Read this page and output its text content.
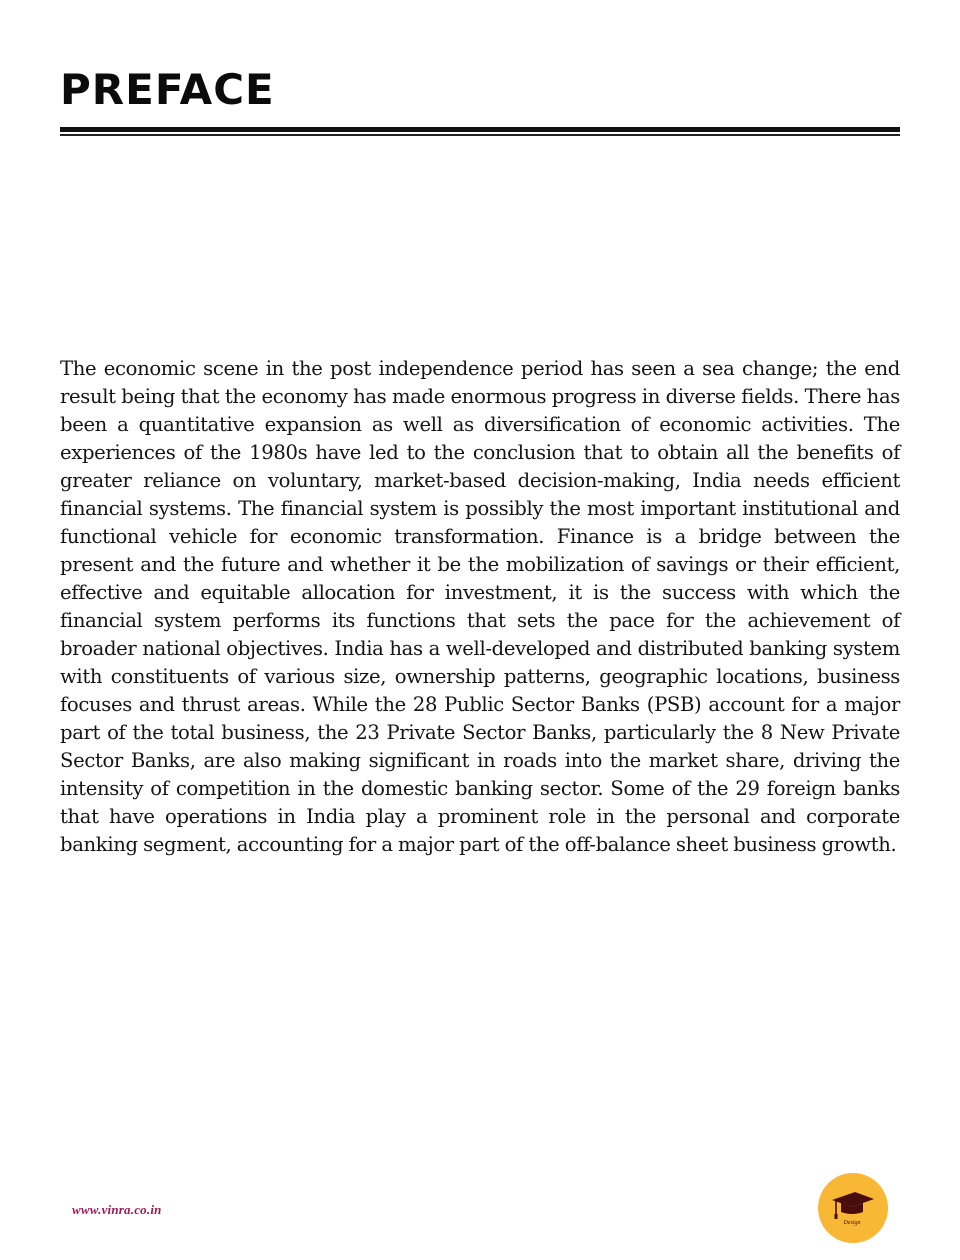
PREFACE

The economic scene in the post independence period has seen a sea change; the end result being that the economy has made enormous progress in diverse fields. There has been a quantitative expansion as well as diversification of economic activities. The experiences of the 1980s have led to the conclusion that to obtain all the benefits of greater reliance on voluntary, market-based decision-making, India needs efficient financial systems. The financial system is possibly the most important institutional and functional vehicle for economic transformation. Finance is a bridge between the present and the future and whether it be the mobilization of savings or their efficient, effective and equitable allocation for investment, it is the success with which the financial system performs its functions that sets the pace for the achievement of broader national objectives. India has a well-developed and distributed banking system with constituents of various size, ownership patterns, geographic locations, business focuses and thrust areas. While the 28 Public Sector Banks (PSB) account for a major part of the total business, the 23 Private Sector Banks, particularly the 8 New Private Sector Banks, are also making significant in roads into the market share, driving the intensity of competition in the domestic banking sector. Some of the 29 foreign banks that have operations in India play a prominent role in the personal and corporate banking segment, accounting for a major part of the off-balance sheet business growth.

www.vinra.co.in
Design
